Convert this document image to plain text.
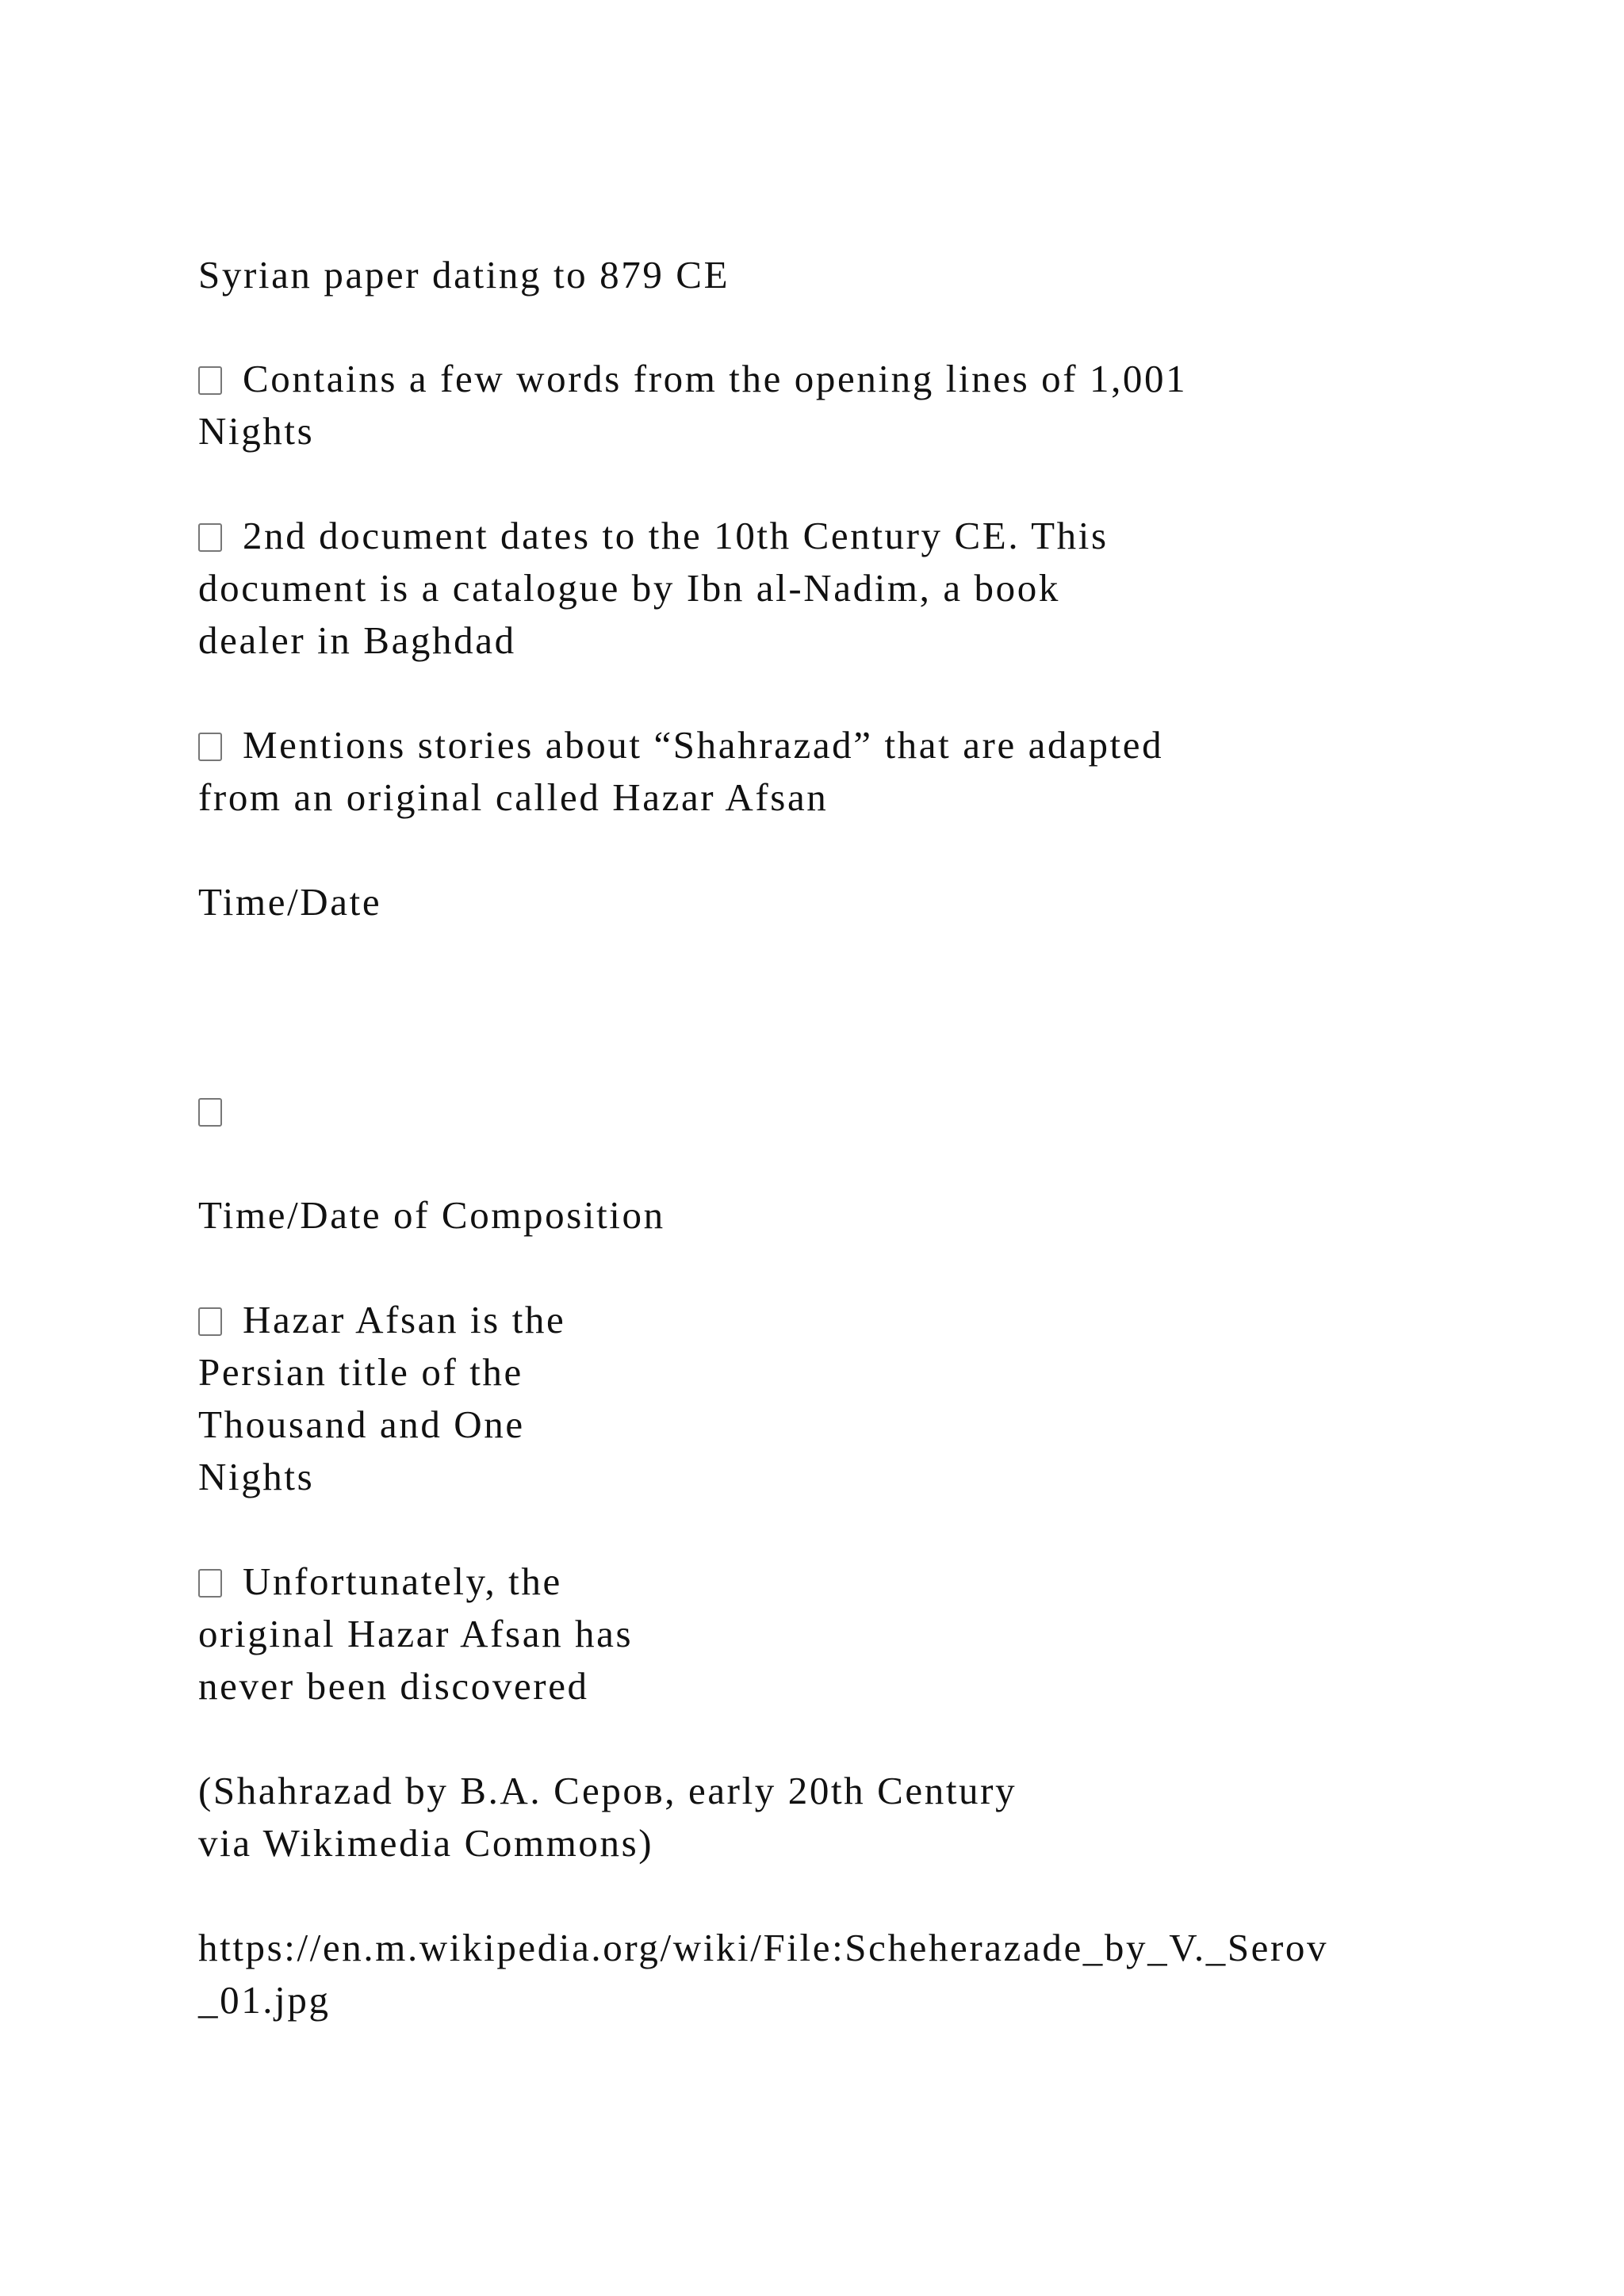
Syrian paper dating to 879 CE

Contains a few words from the opening lines of 1,001

Nights

2nd document dates to the 10th Century CE. This

document is a catalogue by Ibn al-Nadim, a book

dealer in Baghdad

Mentions stories about “Shahrazad” that are adapted

from an original called Hazar Afsan

Time/Date

Time/Date of Composition

Hazar Afsan is the

Persian title of the

Thousand and One

Nights

Unfortunately, the

original Hazar Afsan has

never been discovered

(Shahrazad by B.A. Серов, early 20th Century

via Wikimedia Commons)

https://en.m.wikipedia.org/wiki/File:Scheherazade_by_V._Serov

_01.jpg
